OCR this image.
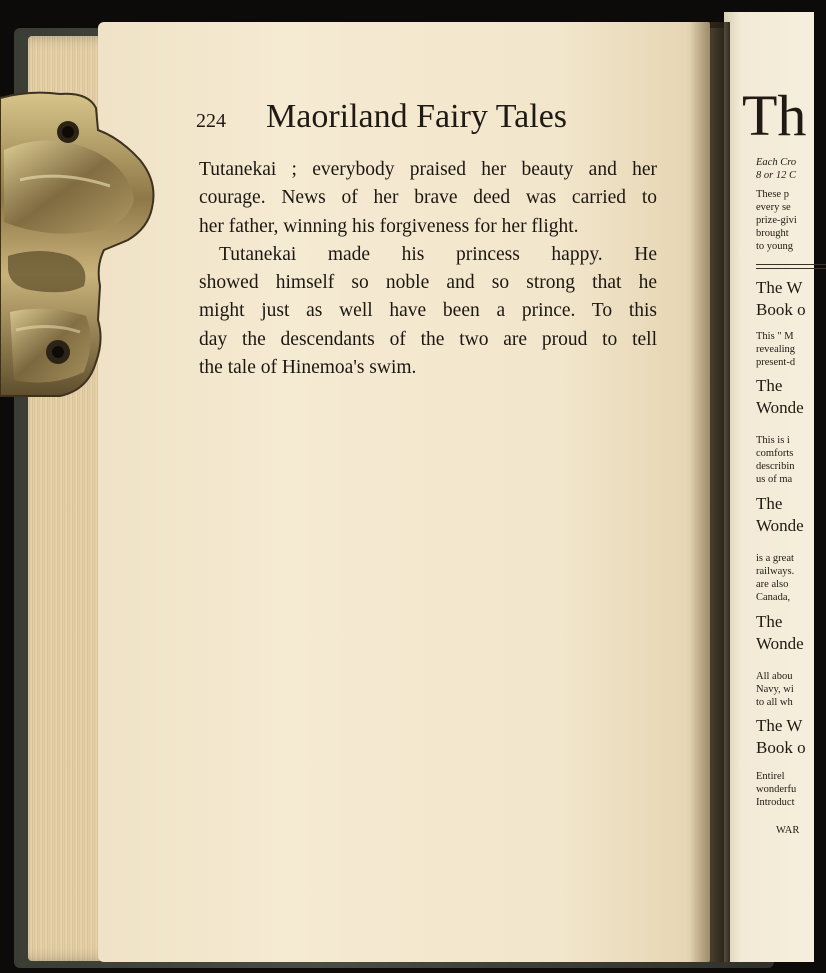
Th
Each Cro
8 or 12 C
These p
every se
prize-givi
brought
to young
The W
Book o
This " M
revealing
present-d
The
Wonde
This is i
comforts
describin
us of ma
The
Wonde
is a great
railways.
are also
Canada,
The
Wonde
All abou
Navy, wi
to all wh
The W
Book o
Entirel
wonderfu
Introduct
WAR
224 Maoriland Fairy Tales
Tutanekai ; everybody praised her beauty and her
courage. News of her brave deed was carried to
her father, winning his forgiveness for her flight.
Tutanekai made his princess happy. He
showed himself so noble and so strong that he
might just as well have been a prince. To this
day the descendants of the two are proud to tell
the tale of Hinemoa's swim.
